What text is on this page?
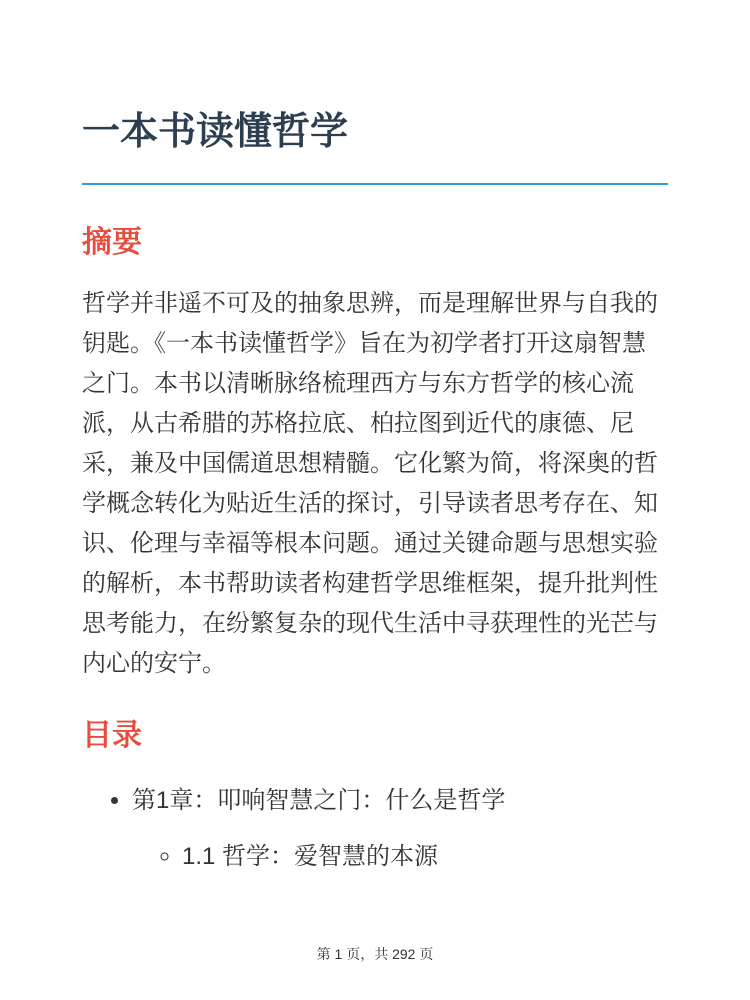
一本书读懂哲学
摘要

哲学并非遥不可及的抽象思辨，而是理解世界与自我的钥匙。《一本书读懂哲学》旨在为初学者打开这扇智慧之门。本书以清晰脉络梳理西方与东方哲学的核心流派，从古希腊的苏格拉底、柏拉图到近代的康德、尼采，兼及中国儒道思想精髓。它化繁为简，将深奥的哲学概念转化为贴近生活的探讨，引导读者思考存在、知识、伦理与幸福等根本问题。通过关键命题与思想实验的解析，本书帮助读者构建哲学思维框架，提升批判性思考能力，在纷繁复杂的现代生活中寻获理性的光芒与内心的安宁。

目录
• 第1章：叩响智慧之门：什么是哲学
◦ 1.1 哲学：爱智慧的本源
第 1 页，共 292 页
